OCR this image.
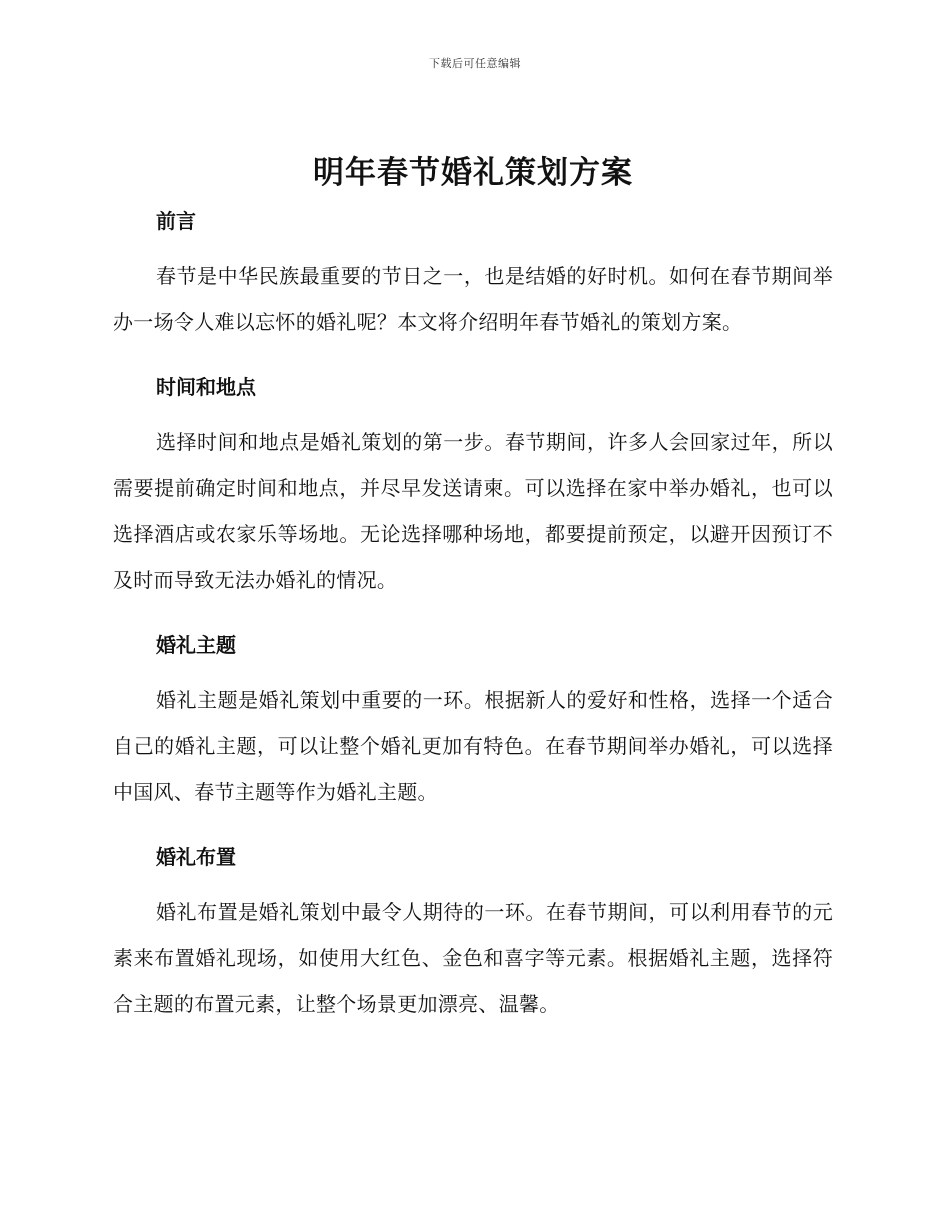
下载后可任意编辑
明年春节婚礼策划方案
前言

春节是中华民族最重要的节日之一，也是结婚的好时机。如何在春节期间举办一场令人难以忘怀的婚礼呢？本文将介绍明年春节婚礼的策划方案。

时间和地点

选择时间和地点是婚礼策划的第一步。春节期间，许多人会回家过年，所以需要提前确定时间和地点，并尽早发送请柬。可以选择在家中举办婚礼，也可以选择酒店或农家乐等场地。无论选择哪种场地，都要提前预定，以避开因预订不及时而导致无法办婚礼的情况。

婚礼主题

婚礼主题是婚礼策划中重要的一环。根据新人的爱好和性格，选择一个适合自己的婚礼主题，可以让整个婚礼更加有特色。在春节期间举办婚礼，可以选择中国风、春节主题等作为婚礼主题。

婚礼布置

婚礼布置是婚礼策划中最令人期待的一环。在春节期间，可以利用春节的元素来布置婚礼现场，如使用大红色、金色和喜字等元素。根据婚礼主题，选择符合主题的布置元素，让整个场景更加漂亮、温馨。
